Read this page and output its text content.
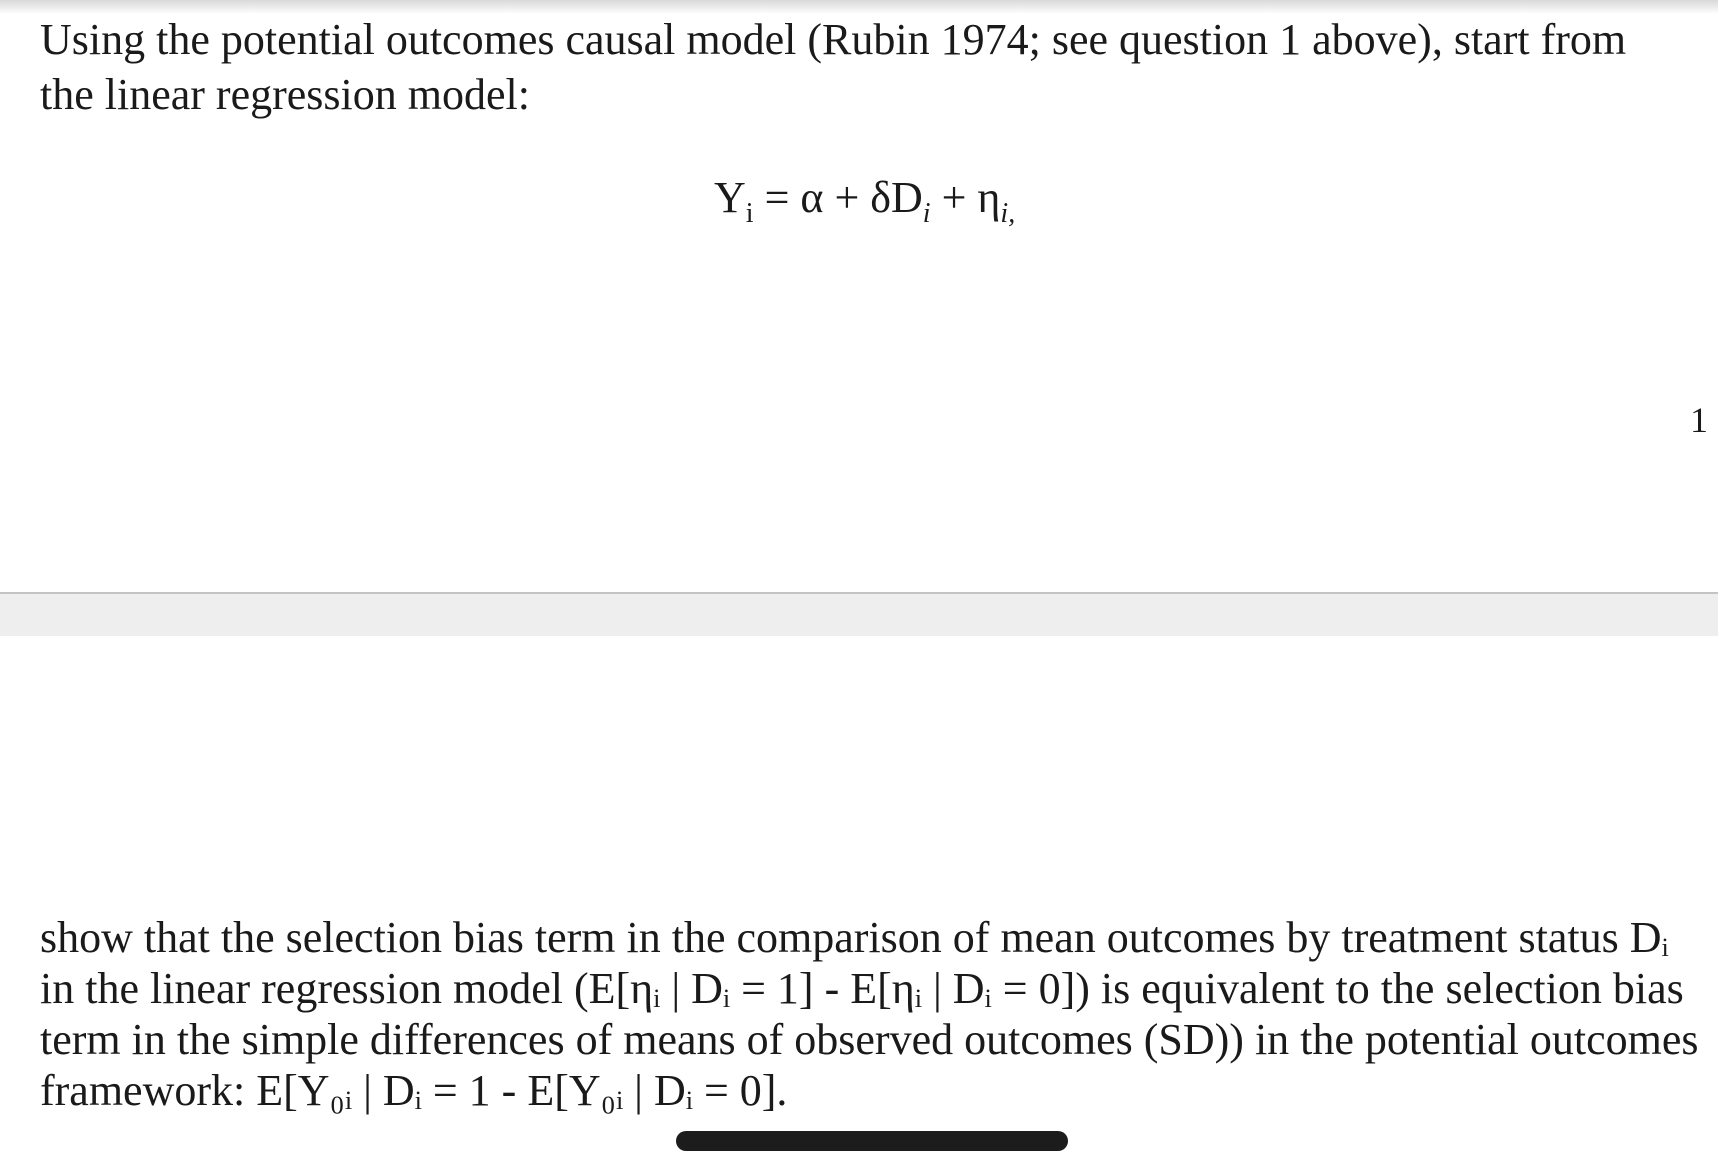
Using the potential outcomes causal model (Rubin 1974; see question 1 above), start from the linear regression model:

$Y_i = \alpha + \delta D_i + \eta_{i,}$
1

show that the selection bias term in the comparison of mean outcomes by treatment status Dᵢ in the linear regression model (E[ηᵢ | Dᵢ = 1] - E[ηᵢ | Dᵢ = 0]) is equivalent to the selection bias term in the simple differences of means of observed outcomes (SD)) in the potential outcomes framework: E[Y₀ᵢ | Dᵢ = 1 - E[Y₀ᵢ | Dᵢ = 0].
